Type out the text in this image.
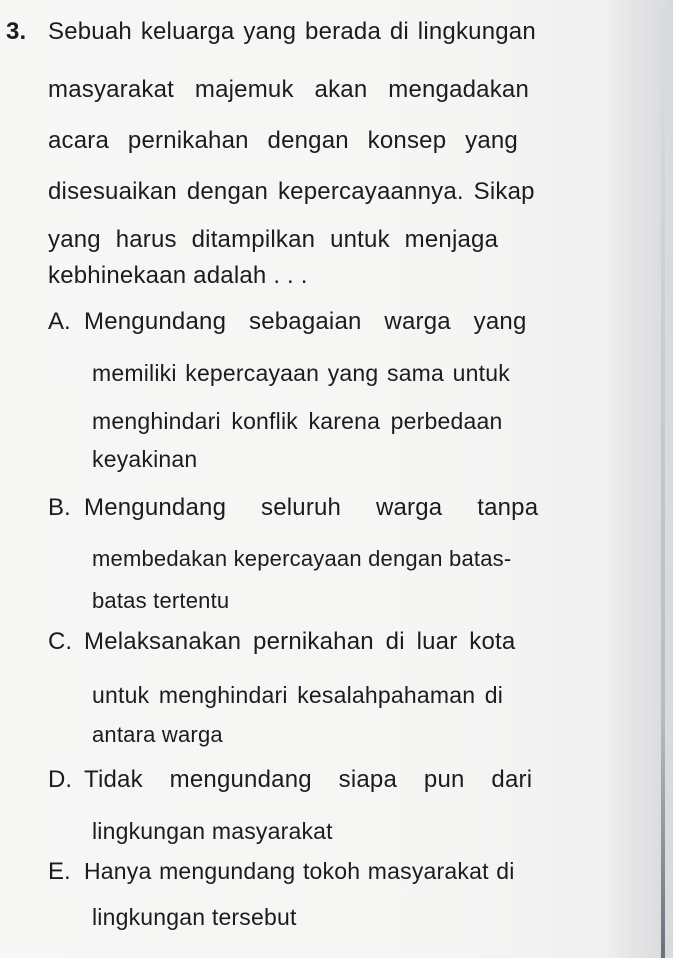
3. Sebuah keluarga yang berada di lingkungan
masyarakat majemuk akan mengadakan
acara pernikahan dengan konsep yang
disesuaikan dengan kepercayaannya. Sikap
yang harus ditampilkan untuk menjaga
kebhinekaan adalah . . .
A. Mengundang sebagaian warga yang
memiliki kepercayaan yang sama untuk
menghindari konflik karena perbedaan
keyakinan
B. Mengundang seluruh warga tanpa
membedakan kepercayaan dengan batas-
batas tertentu
C. Melaksanakan pernikahan di luar kota
untuk menghindari kesalahpahaman di
antara warga
D. Tidak mengundang siapa pun dari
lingkungan masyarakat
E. Hanya mengundang tokoh masyarakat di
lingkungan tersebut
